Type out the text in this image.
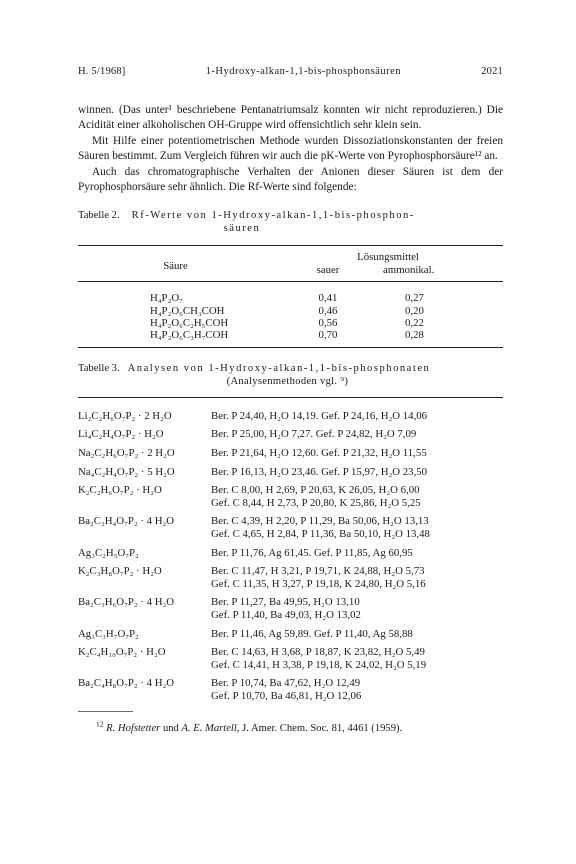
H. 5/1968]	1-Hydroxy-alkan-1,1-bis-phosphonsäuren	2021

winnen. (Das unter¹ beschriebene Pentanatriumsalz konnten wir nicht reproduzieren.) Die Acidität einer alkoholischen OH-Gruppe wird offensichtlich sehr klein sein.

Mit Hilfe einer potentiometrischen Methode wurden Dissoziationskonstanten der freien Säuren bestimmt. Zum Vergleich führen wir auch die pK-Werte von Pyrophosphorsäure¹² an.

Auch das chromatographische Verhalten der Anionen dieser Säuren ist dem der Pyrophosphorsäure sehr ähnlich. Die Rf-Werte sind folgende:

Tabelle 2. Rf-Werte von 1-Hydroxy-alkan-1,1-bis-phosphon-
säuren
Säure	Lösungsmittel	
	sauer	ammonikal.

H₄P₂O₇	0,41	0,27
H₄P₂O₆CH₃COH	0,46	0,20
H₄P₂O₆C₂H₅COH	0,56	0,22
H₄P₂O₆C₃H₇COH	0,70	0,28

Tabelle 3. Analysen von 1-Hydroxy-alkan-1,1-bis-phosphonaten
(Analysenmethoden vgl. ⁹)
Li₂C₂H₆O₇P₂ · 2 H₂O	Ber. P 24,40, H₂O 14,19. Gef. P 24,16, H₂O 14,06

Li₄C₂H₄O₇P₂ · H₂O	Ber. P 25,00, H₂O 7,27. Gef. P 24,82, H₂O 7,09

Na₂C₂H₆O₇P₂ · 2 H₂O	Ber. P 21,64, H₂O 12,60. Gef. P 21,32, H₂O 11,55

Na₄C₂H₄O₇P₂ · 5 H₂O	Ber. P 16,13, H₂O 23,46. Gef. P 15,97, H₂O 23,50

K₂C₂H₆O₇P₂ · H₂O	Ber. C 8,00, H 2,69, P 20,63, K 26,05, H₂O 6,00
Gef. C 8,44, H 2,73, P 20,80, K 25,86, H₂O 5,25

Ba₂C₂H₄O₇P₂ · 4 H₂O	Ber. C 4,39, H 2,20, P 11,29, Ba 50,06, H₂O 13,13
Gef. C 4,65, H 2,84, P 11,36, Ba 50,10, H₂O 13,48

Ag₃C₂H₅O₇P₂	Ber. P 11,76, Ag 61,45. Gef. P 11,85, Ag 60,95

K₂C₃H₈O₇P₂ · H₂O	Ber. C 11,47, H 3,21, P 19,71, K 24,88, H₂O 5,73
Gef. C 11,35, H 3,27, P 19,18, K 24,80, H₂O 5,16

Ba₂C₃H₆O₇P₂ · 4 H₂O	Ber. P 11,27, Ba 49,95, H₂O 13,10
Gef. P 11,40, Ba 49,03, H₂O 13,02

Ag₃C₃H₇O₇P₂	Ber. P 11,46, Ag 59,89. Gef. P 11,40, Ag 58,88

K₂C₄H₁₀O₇P₂ · H₂O	Ber. C 14,63, H 3,68, P 18,87, K 23,82, H₂O 5,49
Gef. C 14,41, H 3,38, P 19,18, K 24,02, H₂O 5,19

Ba₂C₄H₈O₇P₂ · 4 H₂O	Ber. P 10,74, Ba 47,62, H₂O 12,49
Gef. P 10,70, Ba 46,81, H₂O 12,06
$^{12}$ R. Hofstetter und A. E. Martell, J. Amer. Chem. Soc. 81, 4461 (1959).
